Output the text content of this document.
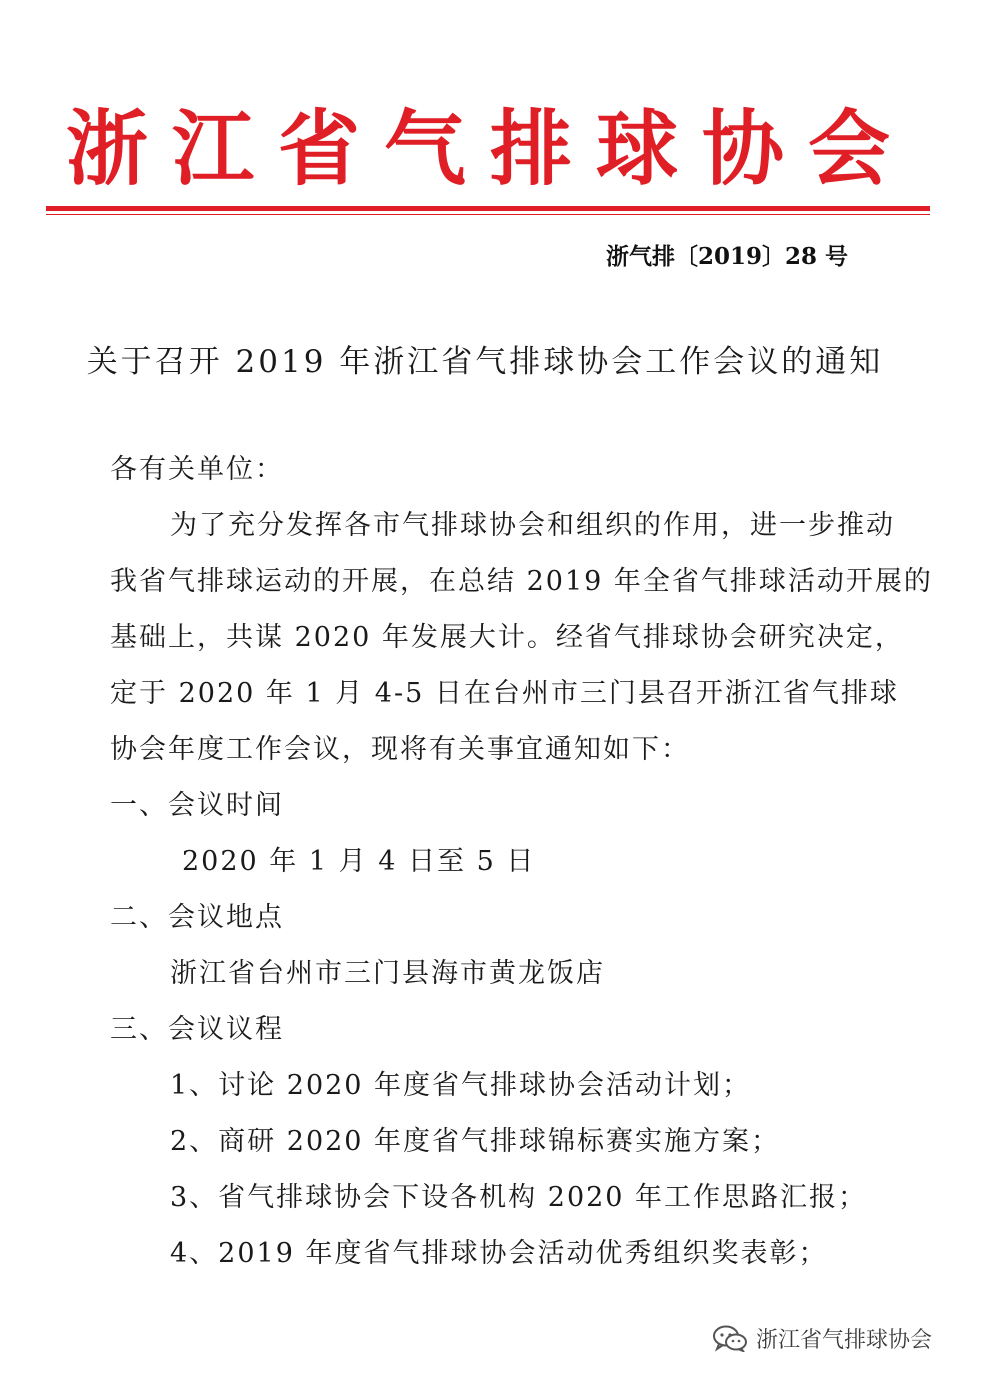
浙江省气排球协会
浙气排〔2019〕28 号
关于召开 2019 年浙江省气排球协会工作会议的通知
各有关单位：
为了充分发挥各市气排球协会和组织的作用，进一步推动
我省气排球运动的开展，在总结 2019 年全省气排球活动开展的
基础上，共谋 2020 年发展大计。经省气排球协会研究决定，
定于 2020 年 1 月 4-5 日在台州市三门县召开浙江省气排球
协会年度工作会议，现将有关事宜通知如下：
一、会议时间
2020 年 1 月 4 日至 5 日
二、会议地点
浙江省台州市三门县海市黄龙饭店
三、会议议程
1、讨论 2020 年度省气排球协会活动计划；
2、商研 2020 年度省气排球锦标赛实施方案；
3、省气排球协会下设各机构 2020 年工作思路汇报；
4、2019 年度省气排球协会活动优秀组织奖表彰；
浙江省气排球协会
